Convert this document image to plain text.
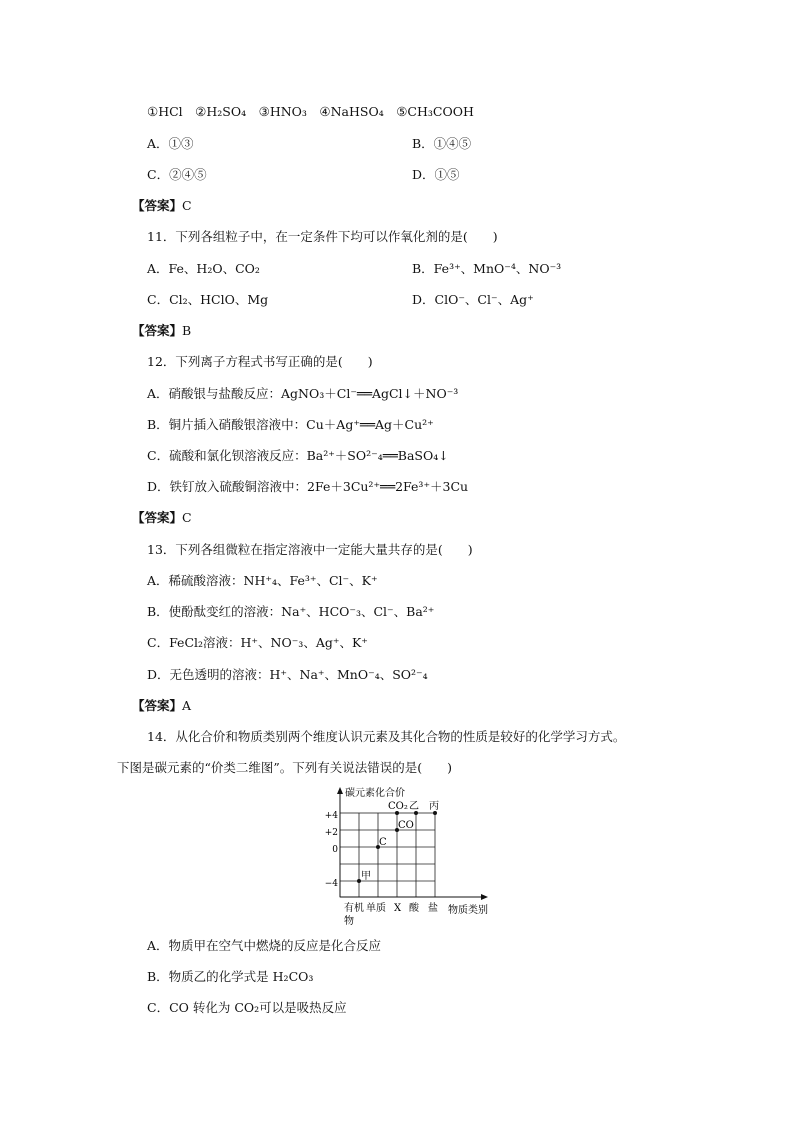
①HCl　②H₂SO₄　③HNO₃　④NaHSO₄　⑤CH₃COOH
A．①③	B．①④⑤
C．②④⑤	D．①⑤
【答案】C
11．下列各组粒子中，在一定条件下均可以作氧化剂的是(　　)
A．Fe、H₂O、CO₂	B．Fe³⁺、MnO⁻⁴、NO⁻³
C．Cl₂、HClO、Mg	D．ClO⁻、Cl⁻、Ag⁺
【答案】B
12．下列离子方程式书写正确的是(　　)
A．硝酸银与盐酸反应：AgNO₃＋Cl⁻══AgCl↓＋NO⁻³
B．铜片插入硝酸银溶液中：Cu＋Ag⁺══Ag＋Cu²⁺
C．硫酸和氯化钡溶液反应：Ba²⁺＋SO²⁻₄══BaSO₄↓
D．铁钉放入硫酸铜溶液中：2Fe＋3Cu²⁺══2Fe³⁺＋3Cu
【答案】C
13．下列各组微粒在指定溶液中一定能大量共存的是(　　)
A．稀硫酸溶液：NH⁺₄、Fe³⁺、Cl⁻、K⁺
B．使酚酞变红的溶液：Na⁺、HCO⁻₃、Cl⁻、Ba²⁺
C．FeCl₂溶液：H⁺、NO⁻₃、Ag⁺、K⁺
D．无色透明的溶液：H⁺、Na⁺、MnO⁻₄、SO²⁻₄
【答案】A
14．从化合价和物质类别两个维度认识元素及其化合物的性质是较好的化学学习方式。
下图是碳元素的“价类二维图”。下列有关说法错误的是(　　)
碳元素化合价
物质类别
+4
+2
0
−4
有机
物
单质 X 酸 盐
甲
C
CO
CO₂ 乙 丙
A．物质甲在空气中燃烧的反应是化合反应
B．物质乙的化学式是 H₂CO₃
C．CO 转化为 CO₂可以是吸热反应
